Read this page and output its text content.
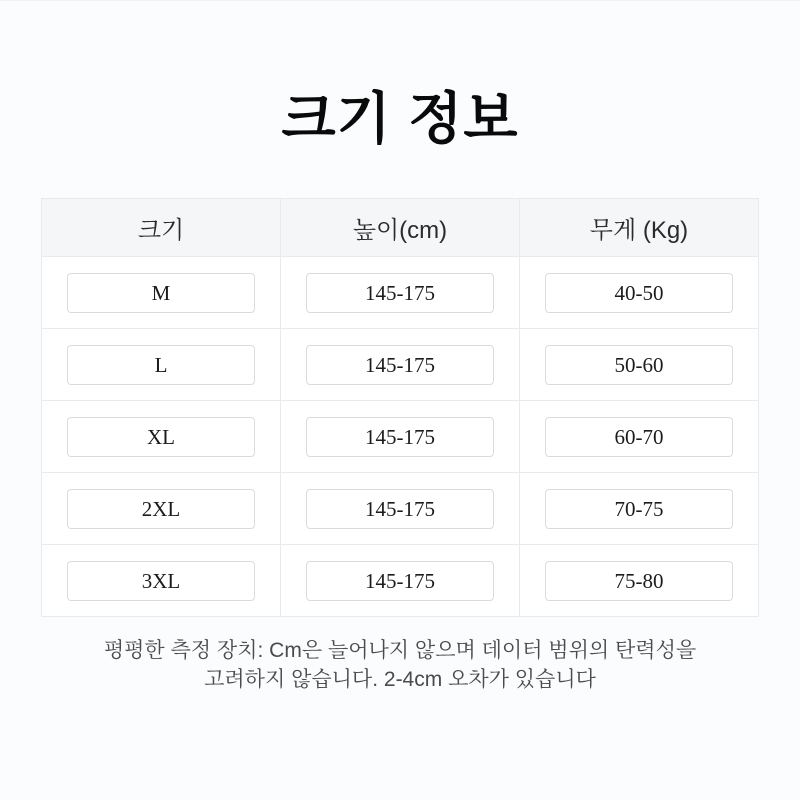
크기 정보
크기	높이(cm)	무게 (Kg)

M	145-175	40-50

L	145-175	50-60

XL	145-175	60-70

2XL	145-175	70-75

3XL	145-175	75-80

평평한 측정 장치: Cm은 늘어나지 않으며 데이터 범위의 탄력성을
고려하지 않습니다. 2-4cm 오차가 있습니다
